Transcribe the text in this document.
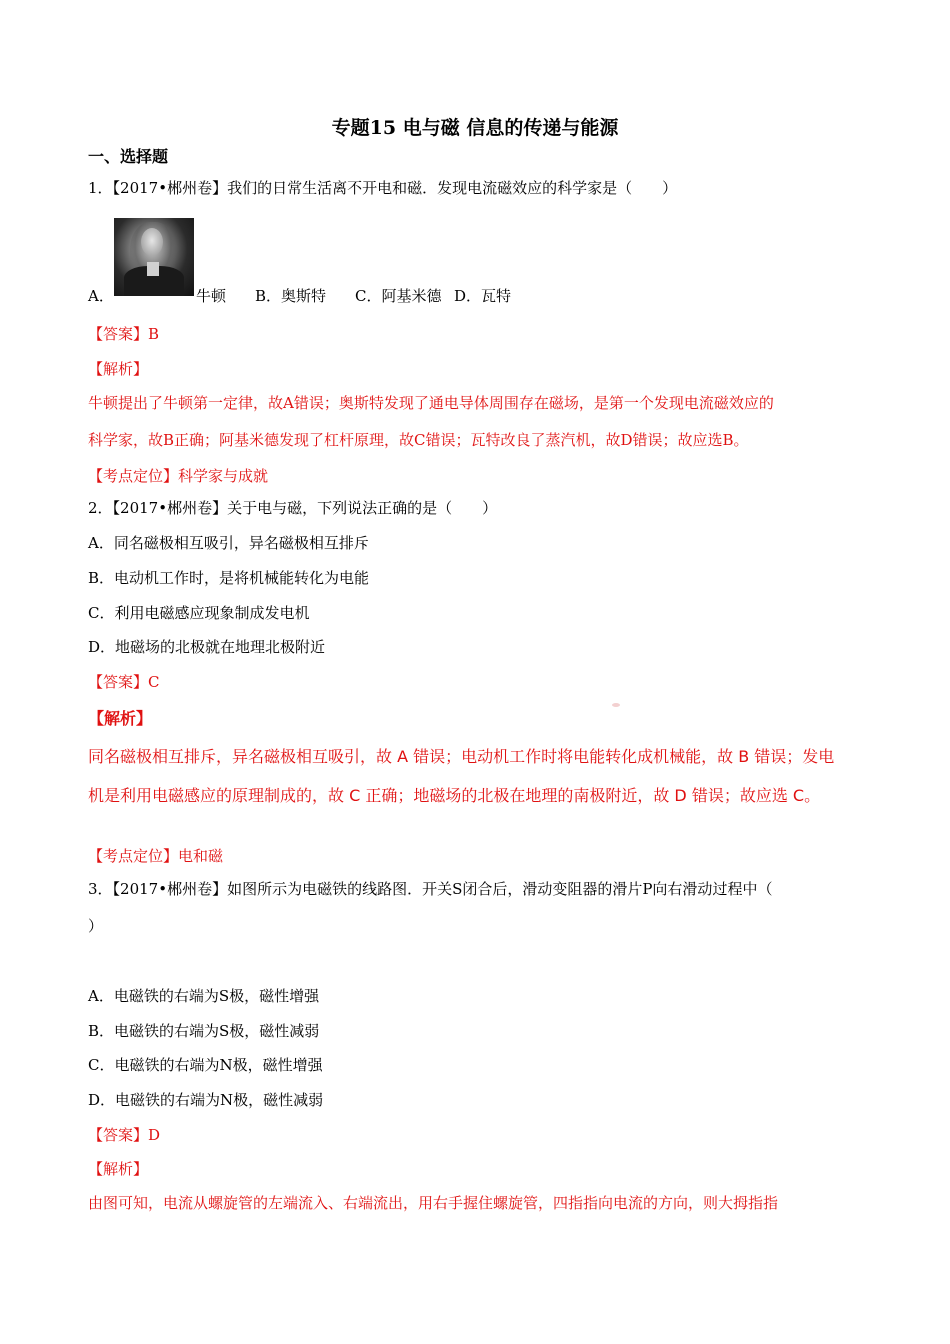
专题15 电与磁 信息的传递与能源
一、选择题
1．【2017•郴州卷】我们的日常生活离不开电和磁．发现电流磁效应的科学家是（　　）
A．	牛顿 B．奥斯特 C．阿基米德 D．瓦特
【答案】B
【解析】
牛顿提出了牛顿第一定律，故A错误；奥斯特发现了通电导体周围存在磁场，是第一个发现电流磁效应的
科学家，故B正确；阿基米德发现了杠杆原理，故C错误；瓦特改良了蒸汽机，故D错误；故应选B。
【考点定位】科学家与成就
2．【2017•郴州卷】关于电与磁，下列说法正确的是（　　）
A．同名磁极相互吸引，异名磁极相互排斥
B．电动机工作时，是将机械能转化为电能
C．利用电磁感应现象制成发电机
D．地磁场的北极就在地理北极附近
【答案】C
【解析】
同名磁极相互排斥，异名磁极相互吸引，故 A 错误；电动机工作时将电能转化成机械能，故 B 错误；发电
机是利用电磁感应的原理制成的，故 C 正确；地磁场的北极在地理的南极附近，故 D 错误；故应选 C。
【考点定位】电和磁
3．【2017•郴州卷】如图所示为电磁铁的线路图．开关S闭合后，滑动变阻器的滑片P向右滑动过程中（
）
A．电磁铁的右端为S极，磁性增强
B．电磁铁的右端为S极，磁性减弱
C．电磁铁的右端为N极，磁性增强
D．电磁铁的右端为N极，磁性减弱
【答案】D
【解析】
由图可知，电流从螺旋管的左端流入、右端流出，用右手握住螺旋管，四指指向电流的方向，则大拇指指
